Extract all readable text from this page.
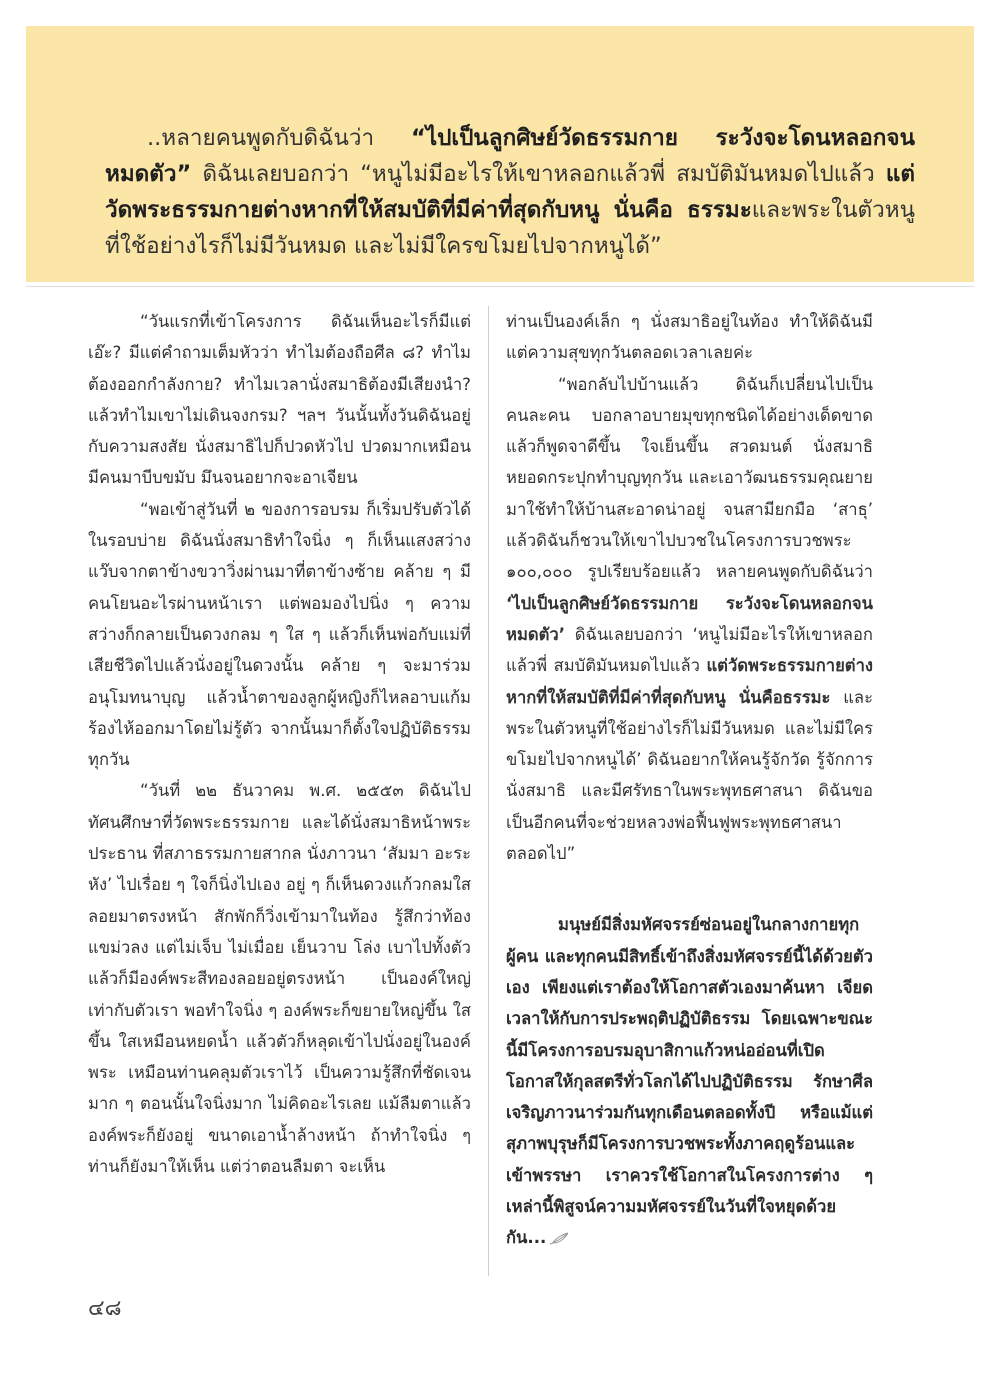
..หลายคนพูดกับดิฉันว่า “ไปเป็นลูกศิษย์วัดธรรมกาย ระวังจะโดนหลอกจนหมดตัว” ดิฉันเลยบอกว่า “หนูไม่มีอะไรให้เขาหลอกแล้วพี่ สมบัติมันหมดไปแล้ว แต่วัดพระธรรมกายต่างหากที่ให้สมบัติที่มีค่าที่สุดกับหนู นั่นคือ ธรรมะและพระในตัวหนูที่ใช้อย่างไรก็ไม่มีวันหมด และไม่มีใครขโมยไปจากหนูได้”

“วันแรกที่เข้าโครงการ ดิฉันเห็นอะไรก็มีแต่เอ๊ะ? มีแต่คำถามเต็มหัวว่า ทำไมต้องถือศีล ๘? ทำไมต้องออกกำลังกาย? ทำไมเวลานั่งสมาธิต้องมีเสียงนำ? แล้วทำไมเขาไม่เดินจงกรม? ฯลฯ วันนั้นทั้งวันดิฉันอยู่กับความสงสัย นั่งสมาธิไปก็ปวดหัวไป ปวดมากเหมือนมีคนมาบีบขมับ มึนจนอยากจะอาเจียน

“พอเข้าสู่วันที่ ๒ ของการอบรม ก็เริ่มปรับตัวได้ ในรอบบ่าย ดิฉันนั่งสมาธิทำใจนิ่ง ๆ ก็เห็นแสงสว่างแว๊บจากตาข้างขวาวิ่งผ่านมาที่ตาข้างซ้าย คล้าย ๆ มีคนโยนอะไรผ่านหน้าเรา แต่พอมองไปนิ่ง ๆ ความสว่างก็กลายเป็นดวงกลม ๆ ใส ๆ แล้วก็เห็นพ่อกับแม่ที่เสียชีวิตไปแล้วนั่งอยู่ในดวงนั้น คล้าย ๆ จะมาร่วมอนุโมทนาบุญ แล้วน้ำตาของลูกผู้หญิงก็ไหลอาบแก้ม ร้องไห้ออกมาโดยไม่รู้ตัว จากนั้นมาก็ตั้งใจปฏิบัติธรรมทุกวัน

“วันที่ ๒๒ ธันวาคม พ.ศ. ๒๕๕๓ ดิฉันไปทัศนศึกษาที่วัดพระธรรมกาย และได้นั่งสมาธิหน้าพระประธาน ที่สภาธรรมกายสากล นั่งภาวนา ‘สัมมา อะระหัง’ ไปเรื่อย ๆ ใจก็นิ่งไปเอง อยู่ ๆ ก็เห็นดวงแก้วกลมใสลอยมาตรงหน้า สักพักก็วิ่งเข้ามาในท้อง รู้สึกว่าท้องแขม่วลง แต่ไม่เจ็บ ไม่เมื่อย เย็นวาบ โล่ง เบาไปทั้งตัว แล้วก็มีองค์พระสีทองลอยอยู่ตรงหน้า เป็นองค์ใหญ่เท่ากับตัวเรา พอทำใจนิ่ง ๆ องค์พระก็ขยายใหญ่ขึ้น ใสขึ้น ใสเหมือนหยดน้ำ แล้วตัวก็หลุดเข้าไปนั่งอยู่ในองค์พระ เหมือนท่านคลุมตัวเราไว้ เป็นความรู้สึกที่ชัดเจนมาก ๆ ตอนนั้นใจนิ่งมาก ไม่คิดอะไรเลย แม้ลืมตาแล้วองค์พระก็ยังอยู่ ขนาดเอาน้ำล้างหน้า ถ้าทำใจนิ่ง ๆ ท่านก็ยังมาให้เห็น แต่ว่าตอนลืมตา จะเห็น

ท่านเป็นองค์เล็ก ๆ นั่งสมาธิอยู่ในท้อง ทำให้ดิฉันมีแต่ความสุขทุกวันตลอดเวลาเลยค่ะ

“พอกลับไปบ้านแล้ว ดิฉันก็เปลี่ยนไปเป็นคนละคน บอกลาอบายมุขทุกชนิดได้อย่างเด็ดขาด แล้วก็พูดจาดีขึ้น ใจเย็นขึ้น สวดมนต์ นั่งสมาธิ หยอดกระปุกทำบุญทุกวัน และเอาวัฒนธรรมคุณยายมาใช้ทำให้บ้านสะอาดน่าอยู่ จนสามียกมือ ‘สาธุ’ แล้วดิฉันก็ชวนให้เขาไปบวชในโครงการบวชพระ ๑๐๐,๐๐๐ รูปเรียบร้อยแล้ว หลายคนพูดกับดิฉันว่า ‘ไปเป็นลูกศิษย์วัดธรรมกาย ระวังจะโดนหลอกจนหมดตัว’ ดิฉันเลยบอกว่า ‘หนูไม่มีอะไรให้เขาหลอกแล้วพี่ สมบัติมันหมดไปแล้ว แต่วัดพระธรรมกายต่างหากที่ให้สมบัติที่มีค่าที่สุดกับหนู นั่นคือธรรมะ และพระในตัวหนูที่ใช้อย่างไรก็ไม่มีวันหมด และไม่มีใครขโมยไปจากหนูได้’ ดิฉันอยากให้คนรู้จักวัด รู้จักการนั่งสมาธิ และมีศรัทธาในพระพุทธศาสนา ดิฉันขอเป็นอีกคนที่จะช่วยหลวงพ่อฟื้นฟูพระพุทธศาสนาตลอดไป”

มนุษย์มีสิ่งมหัศจรรย์ซ่อนอยู่ในกลางกายทุกผู้คน และทุกคนมีสิทธิ์เข้าถึงสิ่งมหัศจรรย์นี้ได้ด้วยตัวเอง เพียงแต่เราต้องให้โอกาสตัวเองมาค้นหา เจียดเวลาให้กับการประพฤติปฏิบัติธรรม โดยเฉพาะขณะนี้มีโครงการอบรมอุบาสิกาแก้วหน่ออ่อนที่เปิดโอกาสให้กุลสตรีทั่วโลกได้ไปปฏิบัติธรรม รักษาศีล เจริญภาวนาร่วมกันทุกเดือนตลอดทั้งปี หรือแม้แต่สุภาพบุรุษก็มีโครงการบวชพระทั้งภาคฤดูร้อนและเข้าพรรษา เราควรใช้โอกาสในโครงการต่าง ๆ เหล่านี้พิสูจน์ความมหัศจรรย์ในวันที่ใจหยุดด้วยกัน...

๔๘
